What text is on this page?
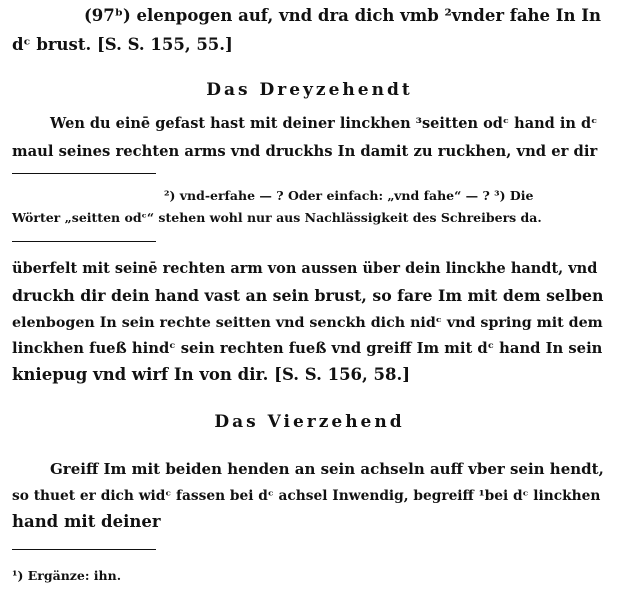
(97ᵇ) elenpogen auf, vnd dra dich vmb ²vnder fahe In In
dᶜ brust. [S. S. 155, 55.]
Das Dreyzehendt
Wen du einē gefast hast mit deiner linckhen ³seitten odᶜ hand in dᶜ
maul seines rechten arms vnd druckhs In damit zu ruckhen, vnd er dir
²) vnd-erfahe — ? Oder einfach: „vnd fahe“ — ? ³) Die
Wörter „seitten odᶜ“ stehen wohl nur aus Nachlässigkeit des Schreibers da.
überfelt mit seinē rechten arm von aussen über dein linckhe handt, vnd
druckh dir dein hand vast an sein brust, so fare Im mit dem selben
elenbogen In sein rechte seitten vnd senckh dich nidᶜ vnd spring mit dem
linckhen fueß hindᶜ sein rechten fueß vnd greiff Im mit dᶜ hand In sein
kniepug vnd wirf In von dir. [S. S. 156, 58.]
Das Vierzehend
Greiff Im mit beiden henden an sein achseln auff vber sein hendt,
so thuet er dich widᶜ fassen bei dᶜ achsel Inwendig, begreiff ¹bei dᶜ linckhen
hand mit deiner
¹) Ergänze: ihn.
